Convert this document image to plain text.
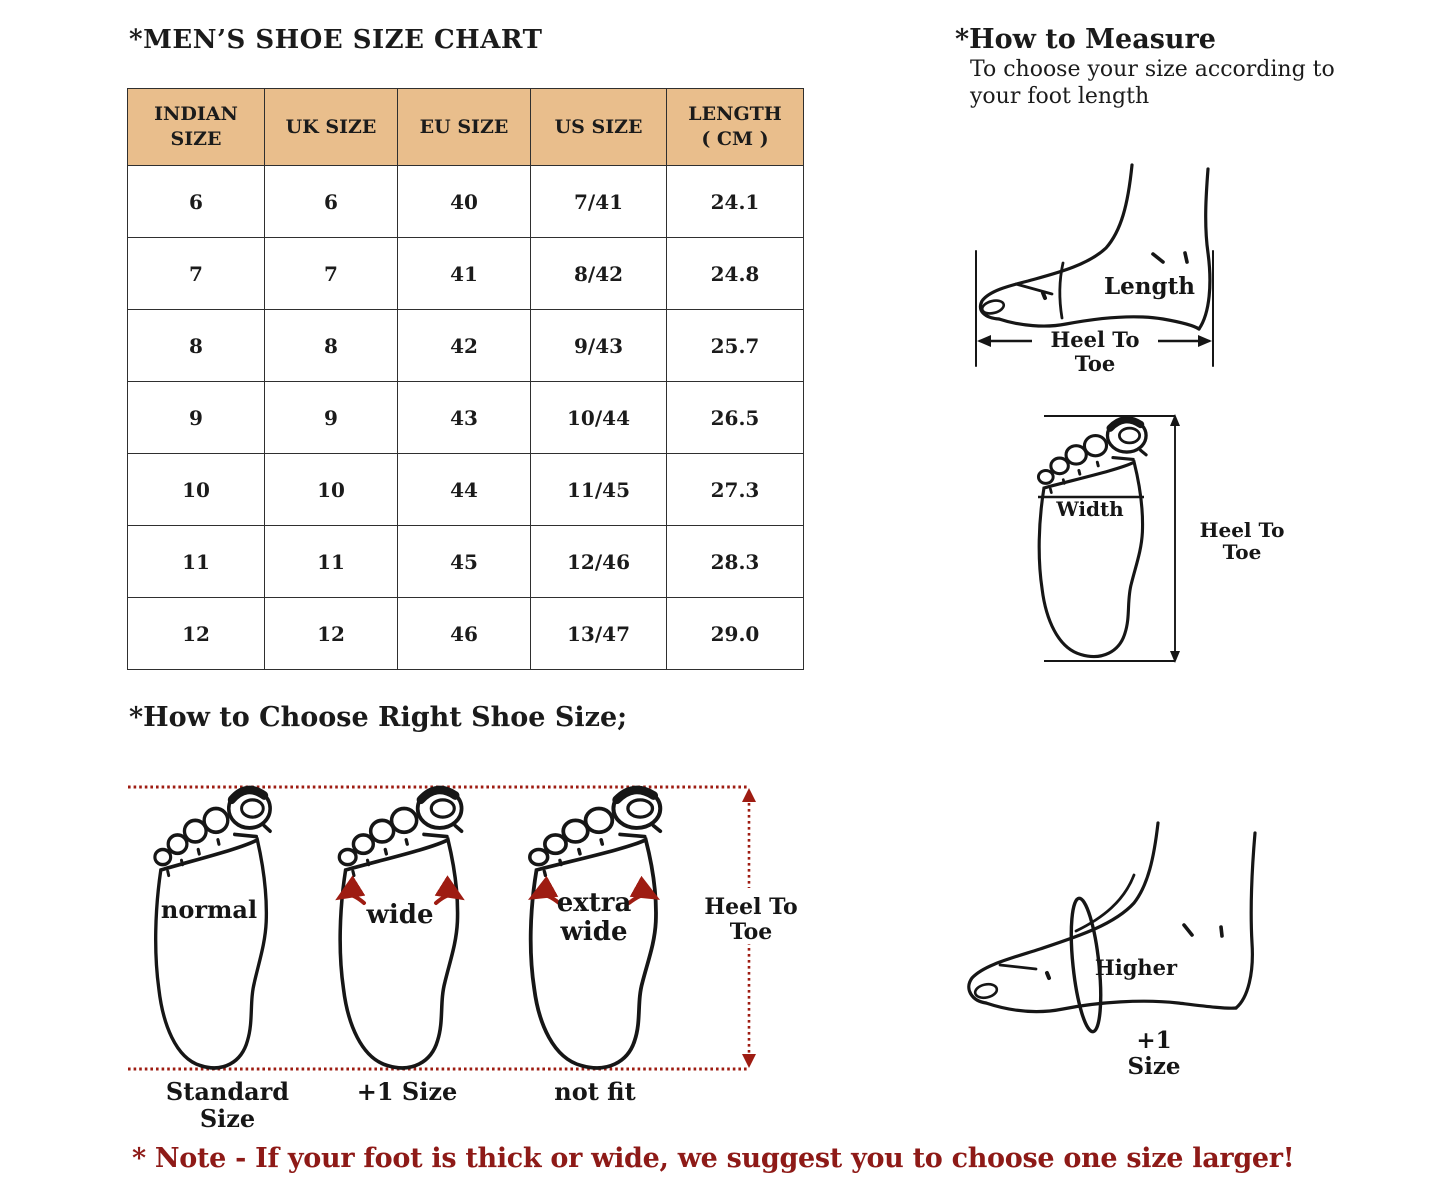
*MEN’S SHOE SIZE CHART	*How to Measure
To choose your size according to
your foot length
INDIAN SIZE	UK SIZE	EU SIZE	US SIZE	LENGTH ( CM )
6	6	40	7/41	24.1
7	7	41	8/42	24.8
8	8	42	9/43	25.7
9	9	43	10/44	26.5
10	10	44	11/45	27.3
11	11	45	12/46	28.3
12	12	46	13/47	29.0
Length
Heel To Toe
Width
Heel To Toe
*How to Choose Right Shoe Size;
normal	wide	extra wide
Heel To Toe
Standard Size
+1 Size	not fit
Higher
+1 Size
* Note - If your foot is thick or wide, we suggest you to choose one size larger!
